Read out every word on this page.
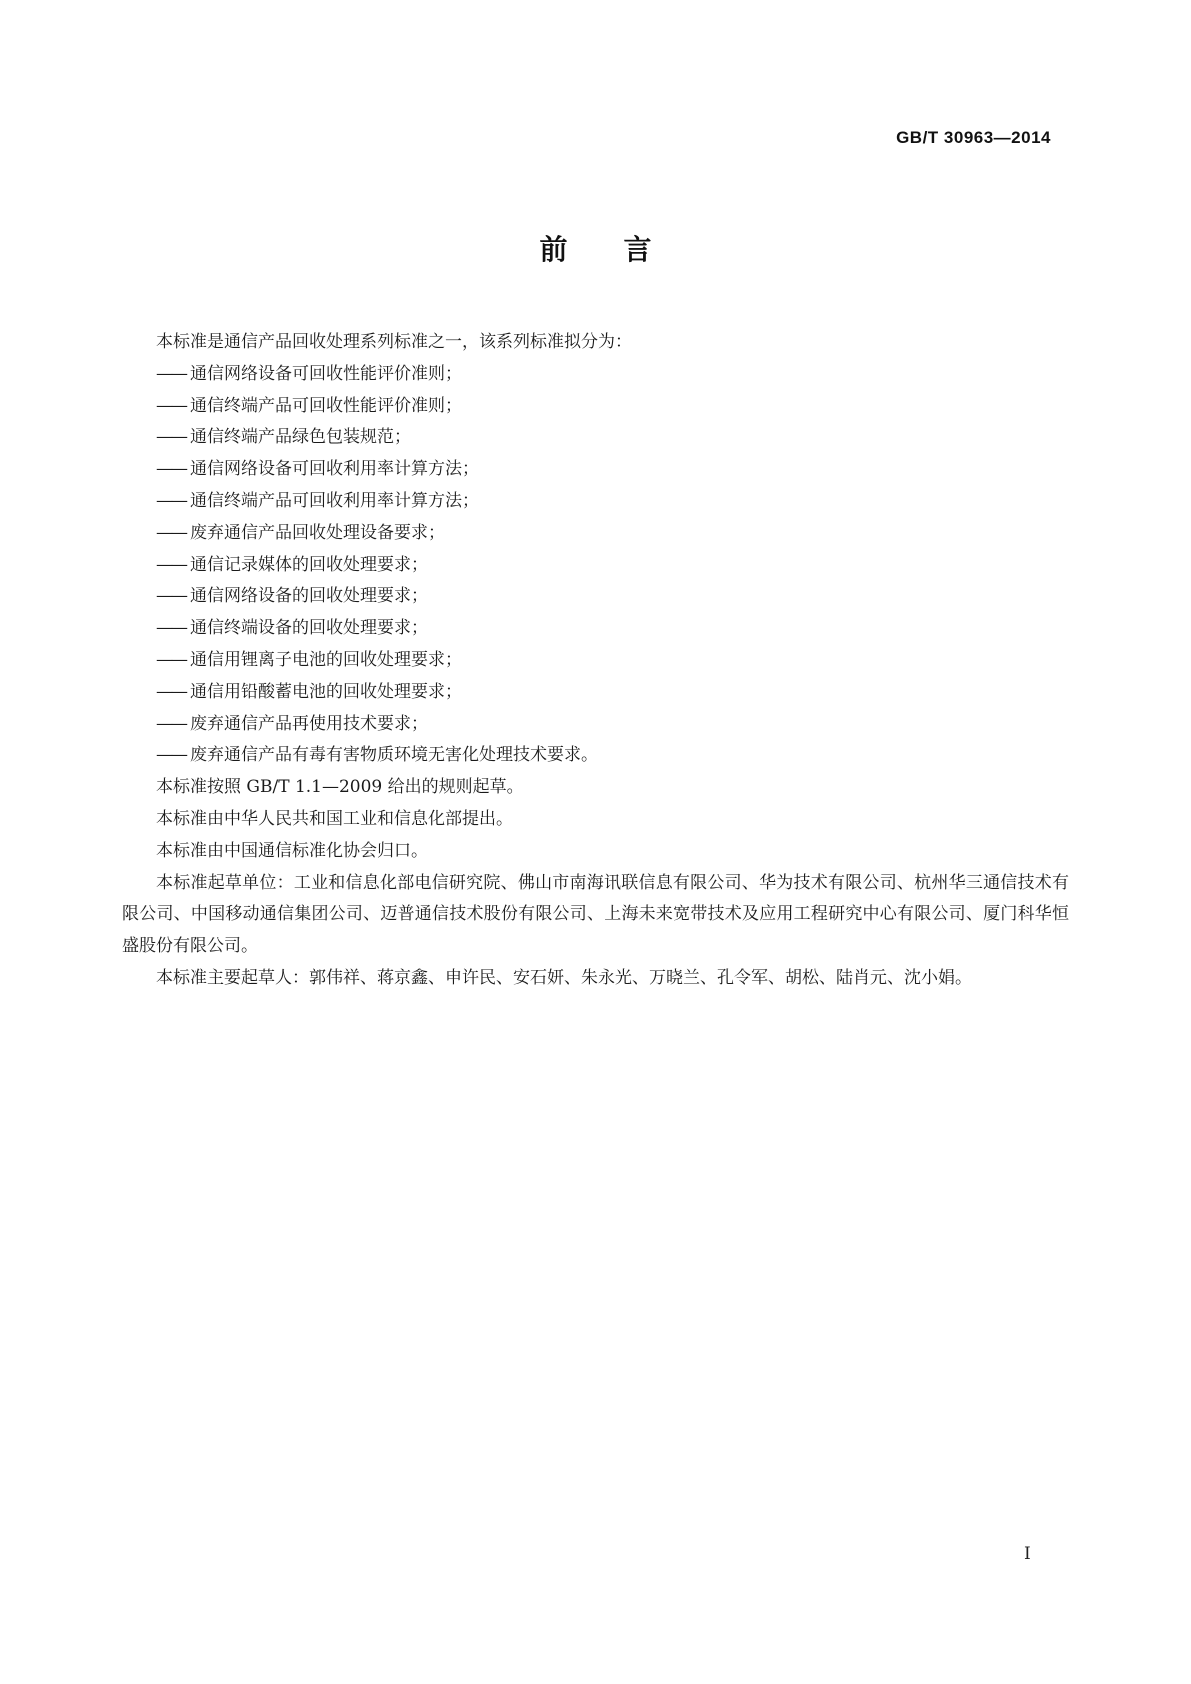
GB/T 30963—2014
前言

本标准是通信产品回收处理系列标准之一，该系列标准拟分为：

—— 通信网络设备可回收性能评价准则；

—— 通信终端产品可回收性能评价准则；

—— 通信终端产品绿色包装规范；

—— 通信网络设备可回收利用率计算方法；

—— 通信终端产品可回收利用率计算方法；

—— 废弃通信产品回收处理设备要求；

—— 通信记录媒体的回收处理要求；

—— 通信网络设备的回收处理要求；

—— 通信终端设备的回收处理要求；

—— 通信用锂离子电池的回收处理要求；

—— 通信用铅酸蓄电池的回收处理要求；

—— 废弃通信产品再使用技术要求；

—— 废弃通信产品有毒有害物质环境无害化处理技术要求。

本标准按照 GB/T 1.1—2009 给出的规则起草。

本标准由中华人民共和国工业和信息化部提出。

本标准由中国通信标准化协会归口。

本标准起草单位：工业和信息化部电信研究院、佛山市南海讯联信息有限公司、华为技术有限公司、杭州华三通信技术有限公司、中国移动通信集团公司、迈普通信技术股份有限公司、上海未来宽带技术及应用工程研究中心有限公司、厦门科华恒盛股份有限公司。

本标准主要起草人：郭伟祥、蒋京鑫、申许民、安石妍、朱永光、万晓兰、孔令军、胡松、陆肖元、沈小娟。

I
